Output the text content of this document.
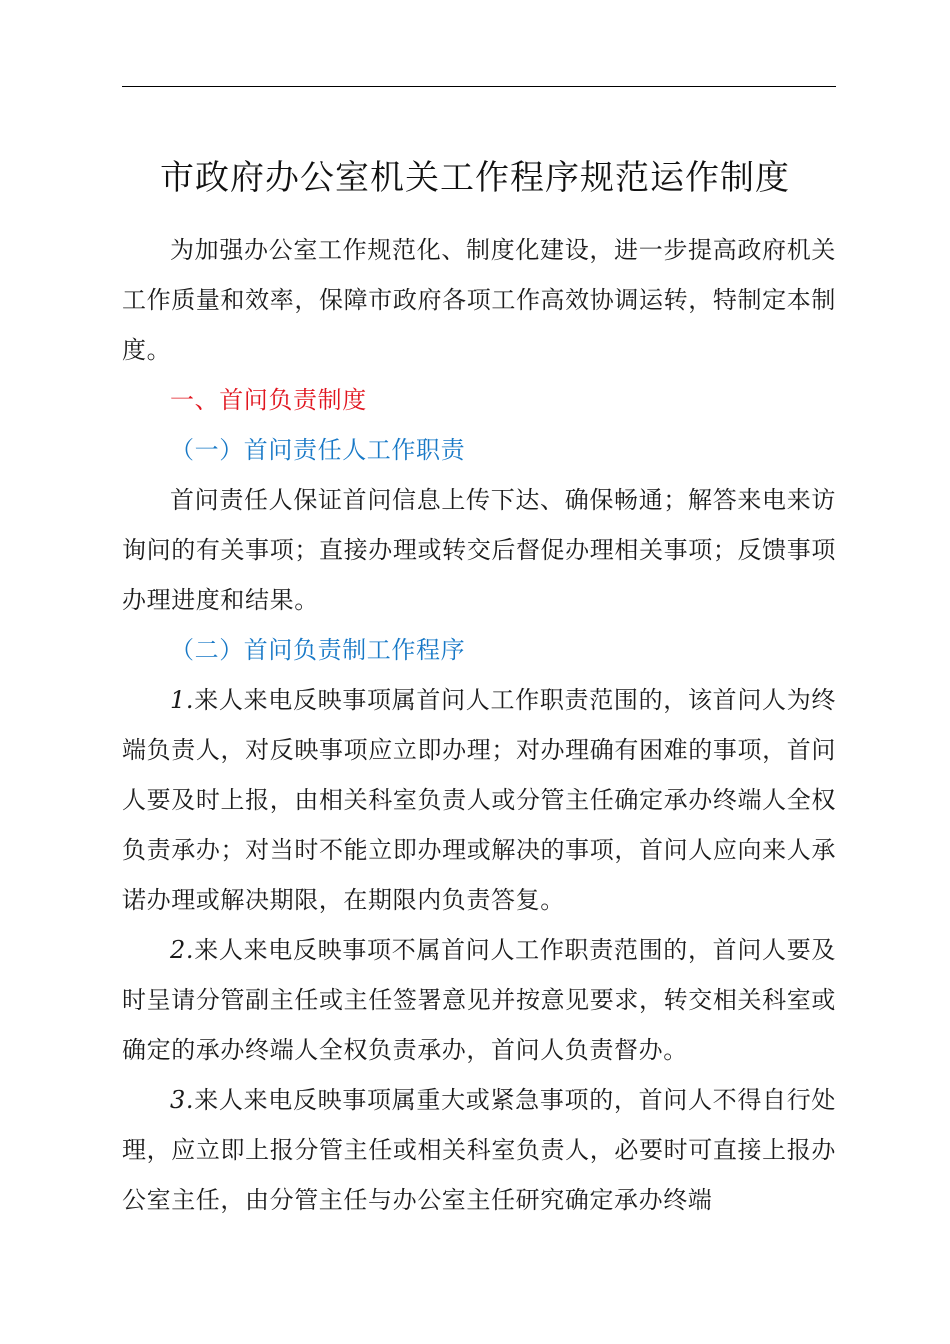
市政府办公室机关工作程序规范运作制度

为加强办公室工作规范化、制度化建设，进一步提高政府机关工作质量和效率，保障市政府各项工作高效协调运转，特制定本制度。

一、首问负责制度

（一）首问责任人工作职责

首问责任人保证首问信息上传下达、确保畅通；解答来电来访询问的有关事项；直接办理或转交后督促办理相关事项；反馈事项办理进度和结果。

（二）首问负责制工作程序

1.来人来电反映事项属首问人工作职责范围的，该首问人为终端负责人，对反映事项应立即办理；对办理确有困难的事项，首问人要及时上报，由相关科室负责人或分管主任确定承办终端人全权负责承办；对当时不能立即办理或解决的事项，首问人应向来人承诺办理或解决期限，在期限内负责答复。

2.来人来电反映事项不属首问人工作职责范围的，首问人要及时呈请分管副主任或主任签署意见并按意见要求，转交相关科室或确定的承办终端人全权负责承办，首问人负责督办。

3.来人来电反映事项属重大或紧急事项的，首问人不得自行处理，应立即上报分管主任或相关科室负责人，必要时可直接上报办公室主任，由分管主任与办公室主任研究确定承办终端
